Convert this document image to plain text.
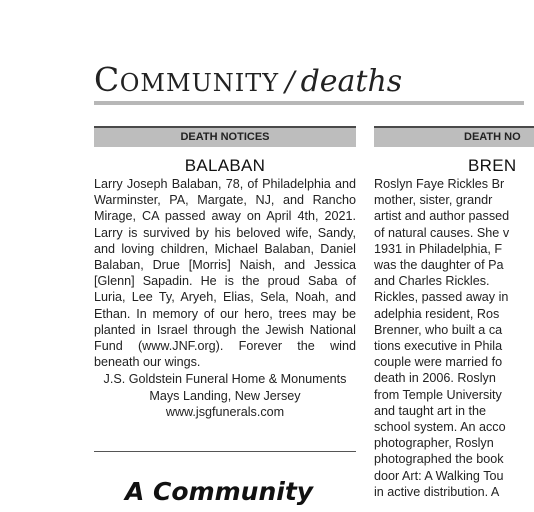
COMMUNITY / deaths
DEATH NOTICES
BALABAN
Larry Joseph Balaban, 78, of Philadelphia and Warminster, PA, Margate, NJ, and Rancho Mirage, CA passed away on April 4th, 2021. Larry is survived by his beloved wife, Sandy, and loving children, Michael Balaban, Daniel Balaban, Drue [Morris] Naish, and Jessica [Glenn] Sapadin. He is the proud Saba of Luria, Lee Ty, Aryeh, Elias, Sela, Noah, and Ethan. In memory of our hero, trees may be planted in Israel through the Jewish National Fund (www.JNF.org). Forever the wind beneath our wings.
J.S. Goldstein Funeral Home & Monuments
Mays Landing, New Jersey
www.jsgfunerals.com
A Community
DEATH NO
BREN
Roslyn Faye Rickles Br
mother, sister, grandr
artist and author passed
of natural causes. She v
1931 in Philadelphia, F
was the daughter of Pa
and Charles Rickles.
Rickles, passed away in
adelphia resident, Ros
Brenner, who built a ca
tions executive in Phila
couple were married fo
death in 2006. Roslyn
from Temple University
and taught art in the
school system. An acco
photographer, Roslyn
photographed the book
door Art: A Walking Tou
in active distribution. A
